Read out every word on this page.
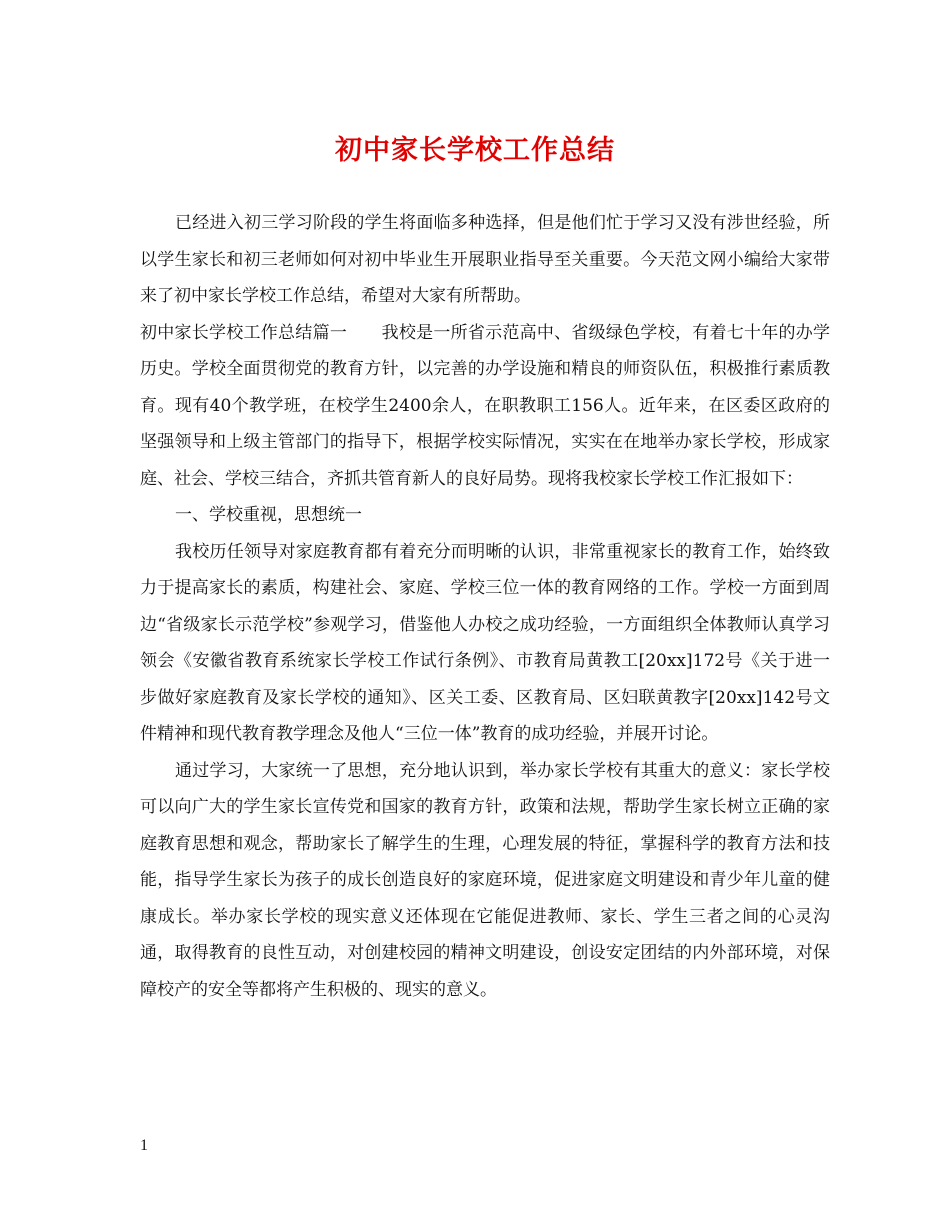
初中家长学校工作总结

已经进入初三学习阶段的学生将面临多种选择，但是他们忙于学习又没有涉世经验，所以学生家长和初三老师如何对初中毕业生开展职业指导至关重要。今天范文网小编给大家带来了初中家长学校工作总结，希望对大家有所帮助。

初中家长学校工作总结篇一　　我校是一所省示范高中、省级绿色学校，有着七十年的办学历史。学校全面贯彻党的教育方针，以完善的办学设施和精良的师资队伍，积极推行素质教育。现有40个教学班，在校学生2400余人，在职教职工156人。近年来，在区委区政府的坚强领导和上级主管部门的指导下，根据学校实际情况，实实在在地举办家长学校，形成家庭、社会、学校三结合，齐抓共管育新人的良好局势。现将我校家长学校工作汇报如下：

一、学校重视，思想统一

我校历任领导对家庭教育都有着充分而明晰的认识，非常重视家长的教育工作，始终致力于提高家长的素质，构建社会、家庭、学校三位一体的教育网络的工作。学校一方面到周边“省级家长示范学校”参观学习，借鉴他人办校之成功经验，一方面组织全体教师认真学习领会《安徽省教育系统家长学校工作试行条例》、市教育局黄教工[20xx]172号《关于进一步做好家庭教育及家长学校的通知》、区关工委、区教育局、区妇联黄教字[20xx]142号文件精神和现代教育教学理念及他人“三位一体”教育的成功经验，并展开讨论。

通过学习，大家统一了思想，充分地认识到，举办家长学校有其重大的意义：家长学校可以向广大的学生家长宣传党和国家的教育方针，政策和法规，帮助学生家长树立正确的家庭教育思想和观念，帮助家长了解学生的生理，心理发展的特征，掌握科学的教育方法和技能，指导学生家长为孩子的成长创造良好的家庭环境，促进家庭文明建设和青少年儿童的健康成长。举办家长学校的现实意义还体现在它能促进教师、家长、学生三者之间的心灵沟通，取得教育的良性互动，对创建校园的精神文明建设，创设安定团结的内外部环境，对保障校产的安全等都将产生积极的、现实的意义。

1
